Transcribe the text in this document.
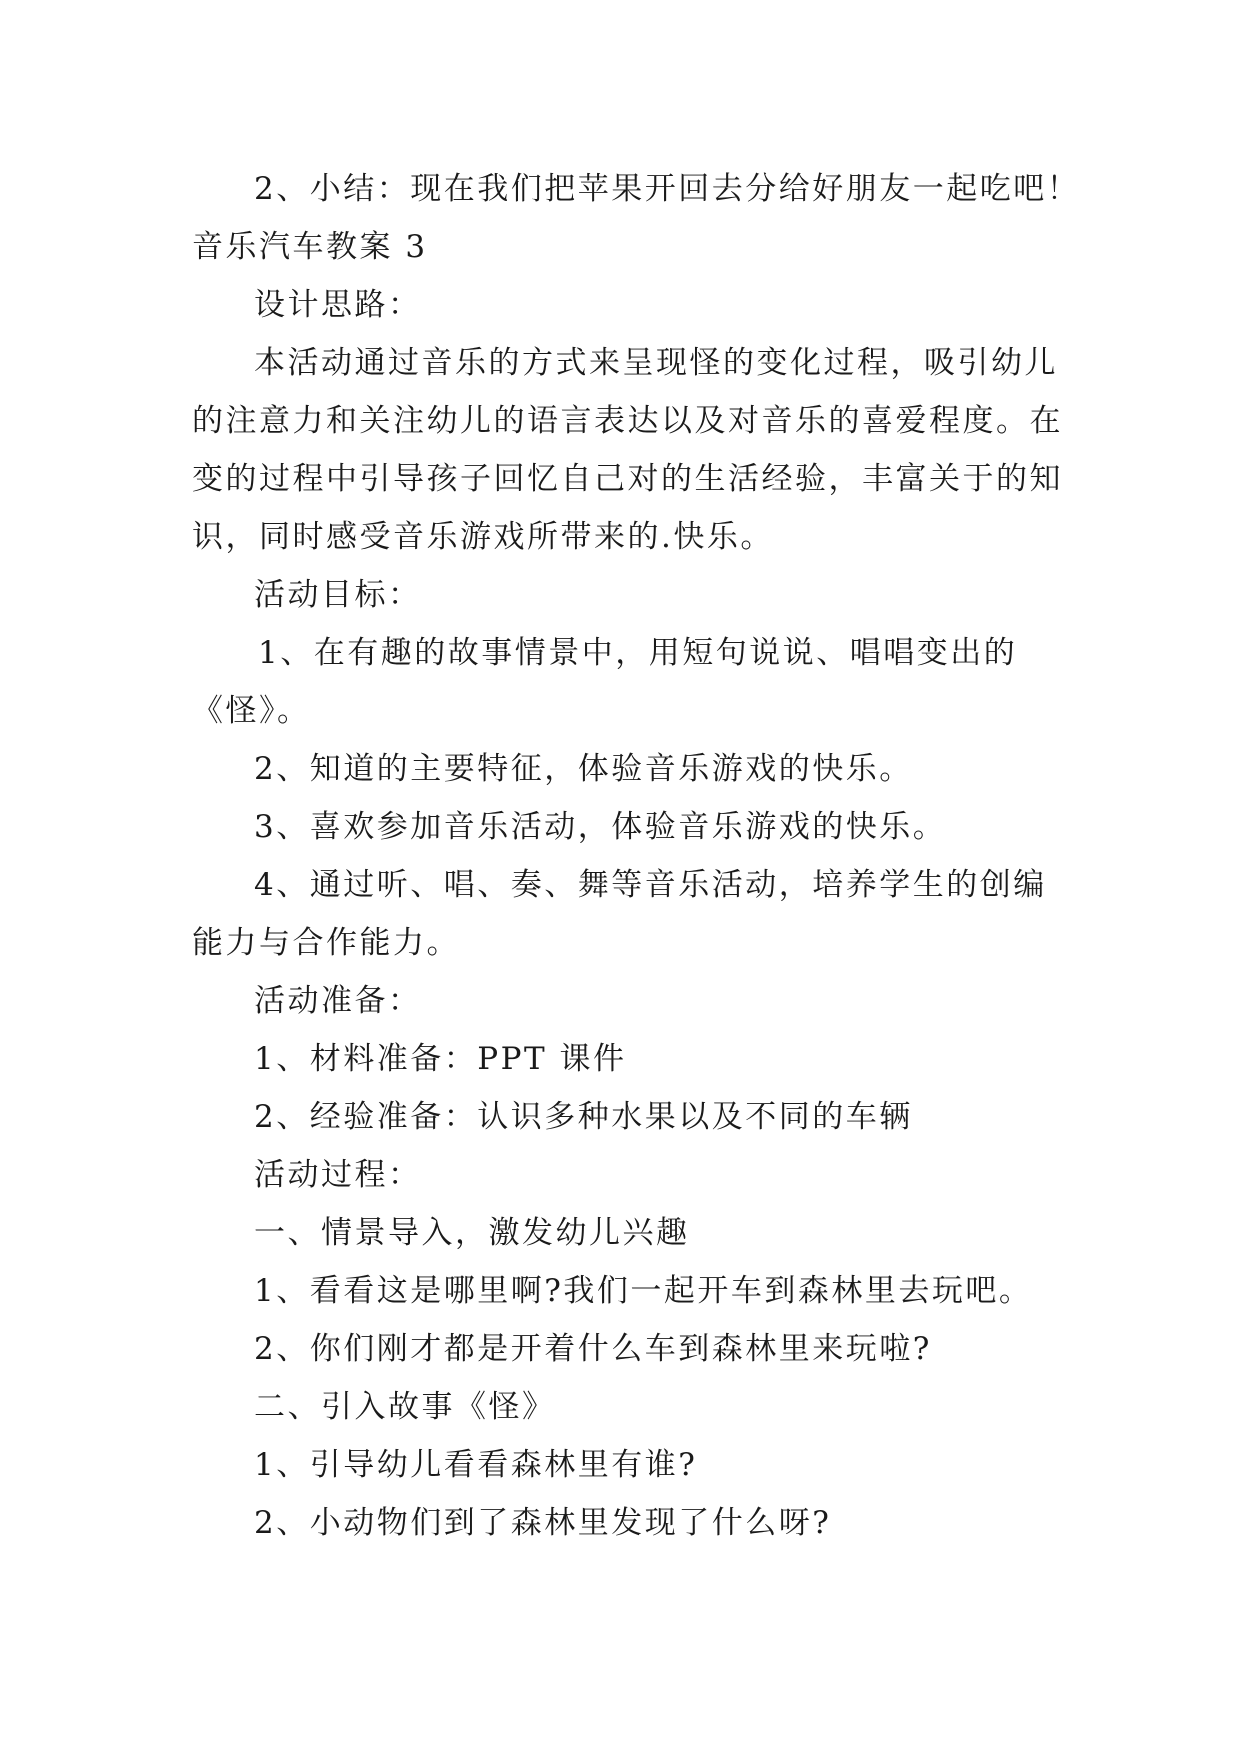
2、小结：现在我们把苹果开回去分给好朋友一起吃吧！
音乐汽车教案 3
设计思路：
本活动通过音乐的方式来呈现怪的变化过程，吸引幼儿
的注意力和关注幼儿的语言表达以及对音乐的喜爱程度。在
变的过程中引导孩子回忆自己对的生活经验，丰富关于的知
识，同时感受音乐游戏所带来的.快乐。
活动目标：
1、在有趣的故事情景中，用短句说说、唱唱变出的
《怪》。
2、知道的主要特征，体验音乐游戏的快乐。
3、喜欢参加音乐活动，体验音乐游戏的快乐。
4、通过听、唱、奏、舞等音乐活动，培养学生的创编
能力与合作能力。
活动准备：
1、材料准备：PPT 课件
2、经验准备：认识多种水果以及不同的车辆
活动过程：
一、情景导入，激发幼儿兴趣
1、看看这是哪里啊?我们一起开车到森林里去玩吧。
2、你们刚才都是开着什么车到森林里来玩啦?
二、引入故事《怪》
1、引导幼儿看看森林里有谁?
2、小动物们到了森林里发现了什么呀?
